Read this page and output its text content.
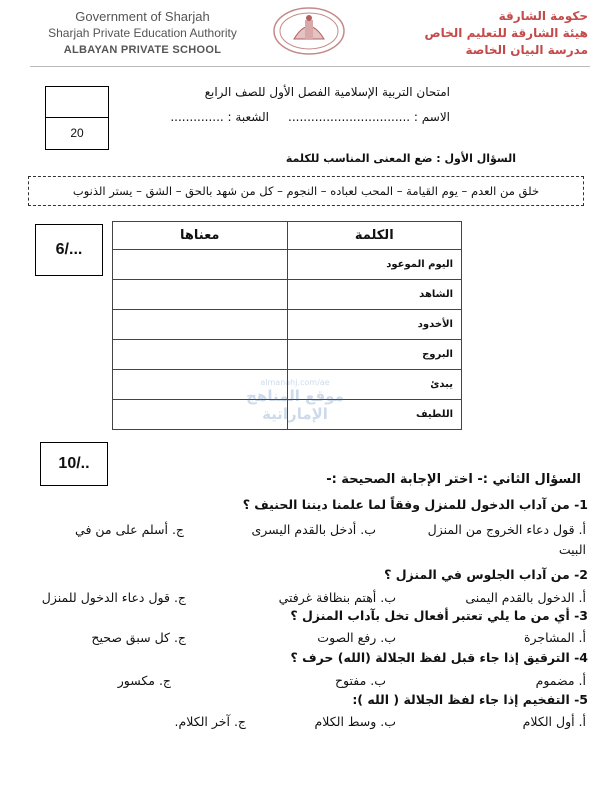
Government of Sharjah
Sharjah Private Education Authority
ALBAYAN PRIVATE SCHOOL
حكومة الشارقة
هيئة الشارقة للتعليم الخاص
مدرسة البيان الخاصة
امتحان التربية الإسلامية الفصل الأول للصف الرابع
الاسم : ................................     الشعبة : ..............
20
السؤال الأول : ضع المعنى المناسب للكلمة
خلق من العدم – يوم القيامة – المحب لعباده – النجوم – كل من شهد بالحق – الشق – يستر الذنوب
6/...
الكلمة	معناها
اليوم الموعود	
الشاهد	
الأخدود	
البروج	
يبدئ	
اللطيف	
almanahj.com/ae
موقع المناهج الإماراتية
10/..
السؤال الثاني :- اختر الإجابة الصحيحة :-
1- من آداب الدخول للمنزل وفقاً لما علمنا ديننا الحنيف ؟
أ. قول دعاء الخروج من المنزل
ب. أدخل بالقدم اليسرى
ج. أسلم على من في
البيت
2- من آداب الجلوس في المنزل ؟
أ. الدخول بالقدم اليمنى
ب. أهتم بنظافة غرفتي
ج. قول دعاء الدخول للمنزل
3- أي من ما يلي تعتبر أفعال تخل بآداب المنزل ؟
أ. المشاجرة
ب. رفع الصوت
ج. كل سبق صحيح
4- الترقيق إذا جاء قبل لفظ الجلالة (الله) حرف ؟
أ. مضموم
ب. مفتوح
ج. مكسور
5- التفخيم إذا جاء لفظ الجلالة ( الله ):
أ. أول الكلام
ب. وسط الكلام
ج. آخر الكلام.
